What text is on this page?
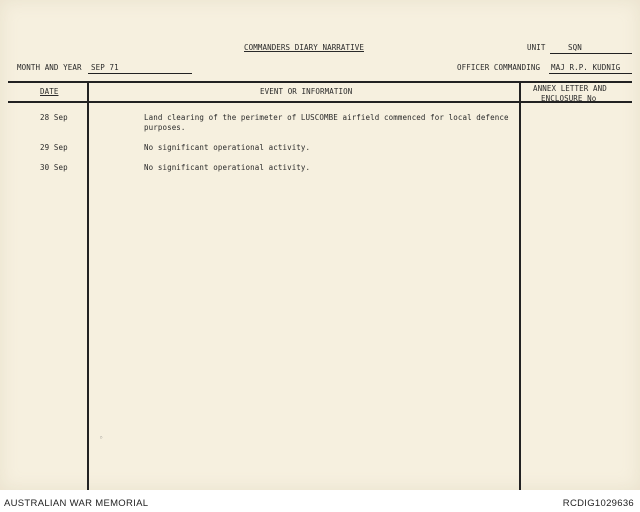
COMMANDERS DIARY NARRATIVE	UNIT	SQN
MONTH AND YEAR SEP 71	OFFICER COMMANDING MAJ R.P. KUDNIG
DATE	EVENT OR INFORMATION	ANNEX LETTER AND
ENCLOSURE No
28 Sep	Land clearing of the perimeter of LUSCOMBE airfield commenced for local defence purposes.
29 Sep	No significant operational activity.
30 Sep	No significant operational activity.
◦
AUSTRALIAN WAR MEMORIAL	RCDIG1029636
